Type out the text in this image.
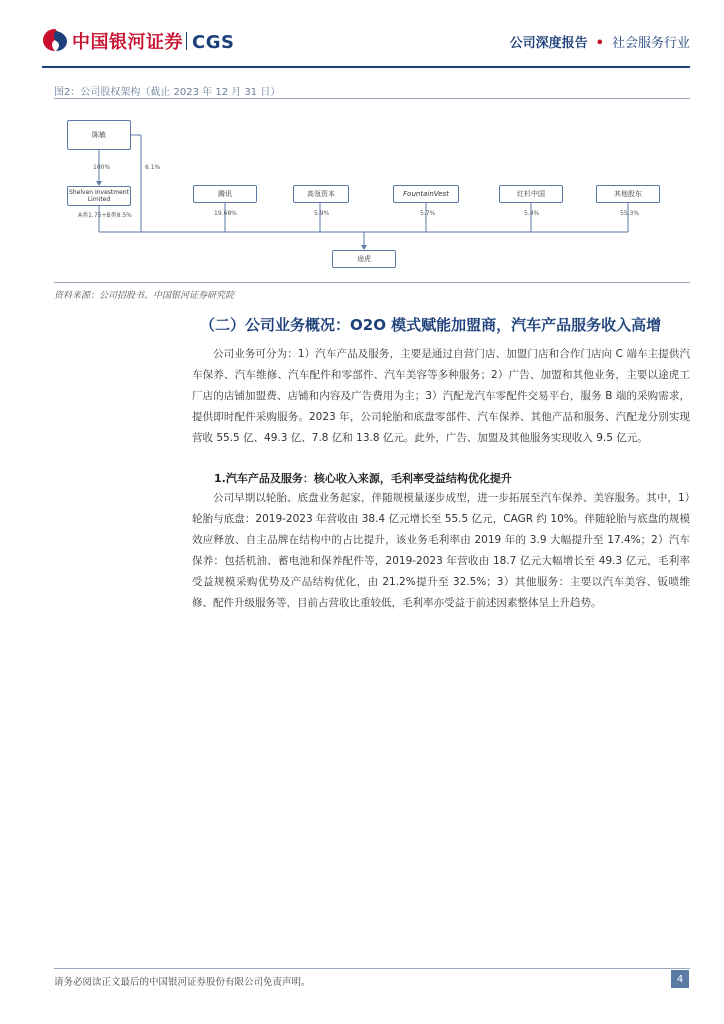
中国银河证券 CGS	公司深度报告 • 社会服务行业
图2：公司股权架构（截止 2023 年 12 月 31 日）
陈敏
100%	6.1%
Shelven Investment Limited
A类1.75+B类8.5%
腾讯
19.68%
高瓴资本
5.9%
FountainVest
5.7%
红杉中国
5.4%
其他股东
55.3%
途虎
资料来源：公司招股书、中国银河证券研究院
（二）公司业务概况：O2O 模式赋能加盟商，汽车产品服务收入高增
公司业务可分为：1）汽车产品及服务，主要是通过自营门店、加盟门店和合作门店向 C 端车主提供汽车保养、汽车维修、汽车配件和零部件、汽车美容等多种服务；2）广告、加盟和其他业务，主要以途虎工厂店的店铺加盟费、店铺和内容及广告费用为主；3）汽配龙汽车零配件交易平台，服务 B 端的采购需求，提供即时配件采购服务。2023 年，公司轮胎和底盘零部件、汽车保养、其他产品和服务、汽配龙分别实现营收 55.5 亿、49.3 亿、7.8 亿和 13.8 亿元。此外，广告、加盟及其他服务实现收入 9.5 亿元。
1.汽车产品及服务：核心收入来源，毛利率受益结构优化提升
公司早期以轮胎、底盘业务起家，伴随规模量逐步成型，进一步拓展至汽车保养、美容服务。其中，1）轮胎与底盘：2019-2023 年营收由 38.4 亿元增长至 55.5 亿元，CAGR 约 10%。伴随轮胎与底盘的规模效应释放、自主品牌在结构中的占比提升，该业务毛利率由 2019 年的 3.9 大幅提升至 17.4%；2）汽车保养：包括机油、蓄电池和保养配件等，2019-2023 年营收由 18.7 亿元大幅增长至 49.3 亿元，毛利率受益规模采购优势及产品结构优化，由 21.2%提升至 32.5%；3）其他服务：主要以汽车美容、钣喷维修、配件升级服务等，目前占营收比重较低，毛利率亦受益于前述因素整体呈上升趋势。
请务必阅读正文最后的中国银河证券股份有限公司免责声明。	4
